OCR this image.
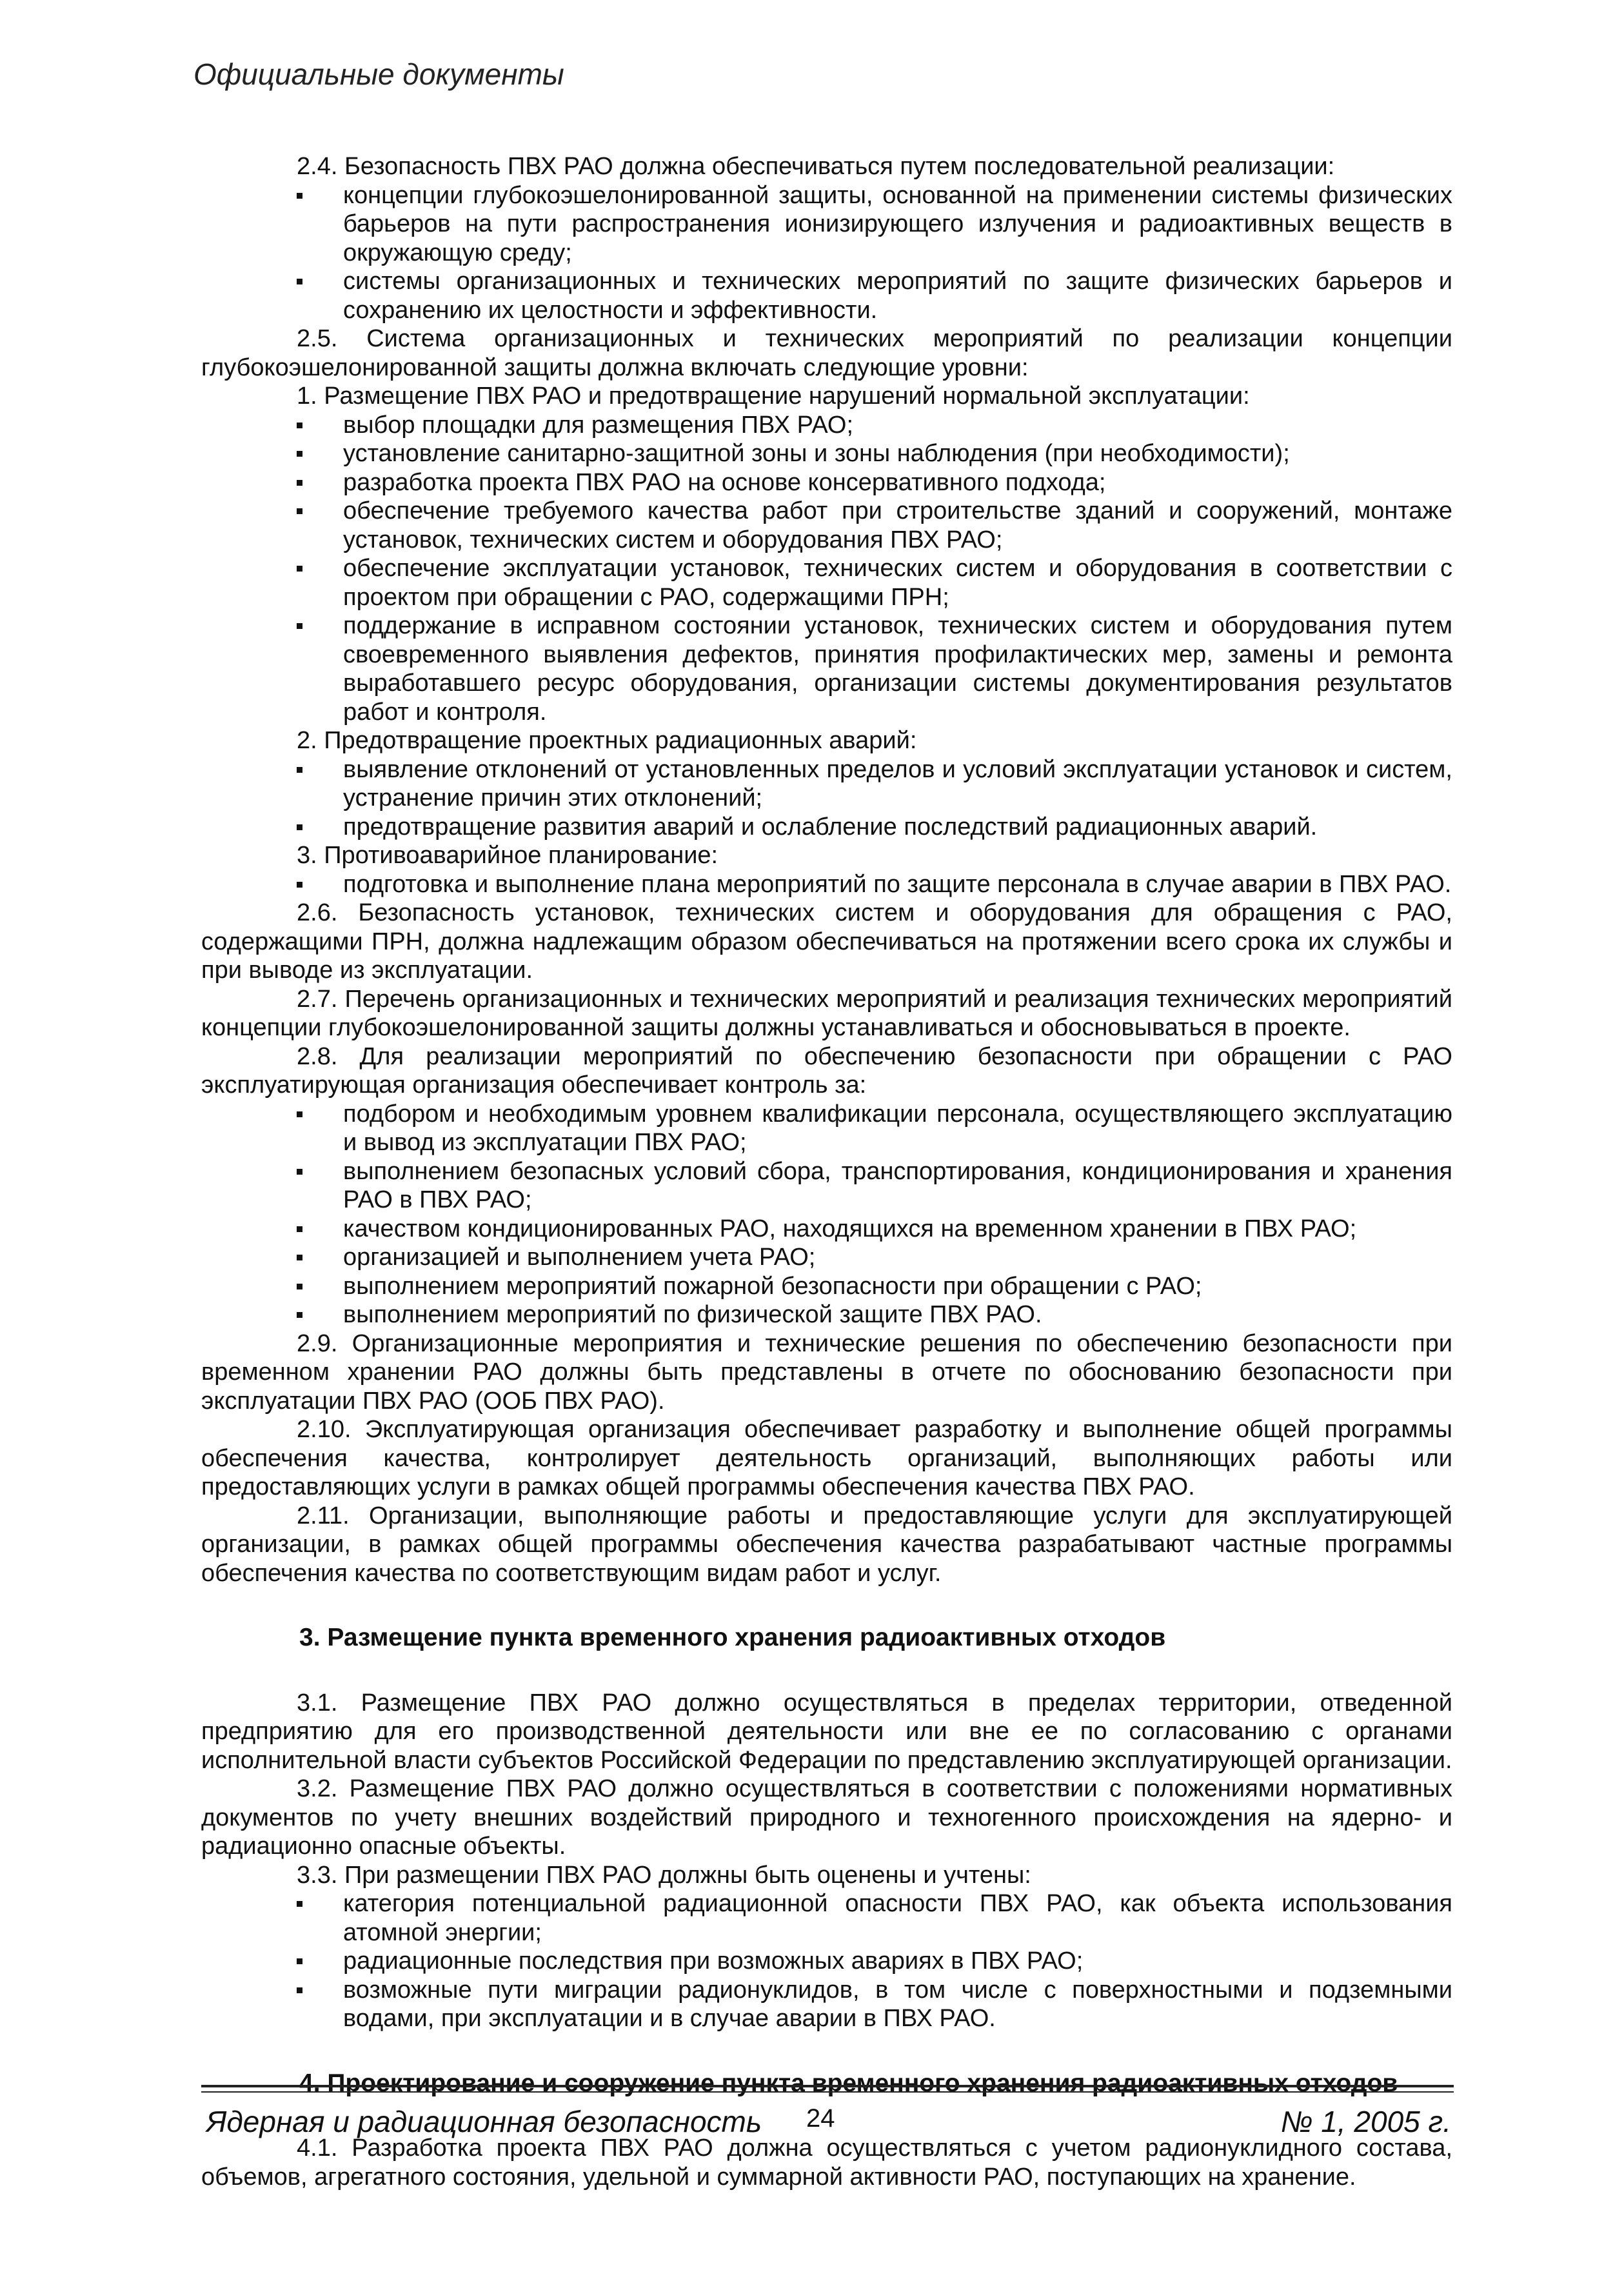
Официальные документы

2.4. Безопасность ПВХ РАО должна обеспечиваться путем последовательной реализации:

концепции глубокоэшелонированной защиты, основанной на применении системы физических барьеров на пути распространения ионизирующего излучения и радиоактивных веществ в окружающую среду;
системы организационных и технических мероприятий по защите физических барьеров и сохранению их целостности и эффективности.

2.5. Система организационных и технических мероприятий по реализации концепции глубокоэшелонированной защиты должна включать следующие уровни:

1. Размещение ПВХ РАО и предотвращение нарушений нормальной эксплуатации:

выбор площадки для размещения ПВХ РАО;
установление санитарно-защитной зоны и зоны наблюдения (при необходимости);
разработка проекта ПВХ РАО на основе консервативного подхода;
обеспечение требуемого качества работ при строительстве зданий и сооружений, монтаже установок, технических систем и оборудования ПВХ РАО;
обеспечение эксплуатации установок, технических систем и оборудования в соответствии с проектом при обращении с РАО, содержащими ПРН;
поддержание в исправном состоянии установок, технических систем и оборудования путем своевременного выявления дефектов, принятия профилактических мер, замены и ремонта выработавшего ресурс оборудования, организации системы документирования результатов работ и контроля.

2. Предотвращение проектных радиационных аварий:

выявление отклонений от установленных пределов и условий эксплуатации установок и систем, устранение причин этих отклонений;
предотвращение развития аварий и ослабление последствий радиационных аварий.

3. Противоаварийное планирование:

подготовка и выполнение плана мероприятий по защите персонала в случае аварии в ПВХ РАО.

2.6. Безопасность установок, технических систем и оборудования для обращения с РАО, содержащими ПРН, должна надлежащим образом обеспечиваться на протяжении всего срока их службы и при выводе из эксплуатации.

2.7. Перечень организационных и технических мероприятий и реализация технических мероприятий концепции глубокоэшелонированной защиты должны устанавливаться и обосновываться в проекте.

2.8. Для реализации мероприятий по обеспечению безопасности при обращении с РАО эксплуатирующая организация обеспечивает контроль за:

подбором и необходимым уровнем квалификации персонала, осуществляющего эксплуатацию и вывод из эксплуатации ПВХ РАО;
выполнением безопасных условий сбора, транспортирования, кондиционирования и хранения РАО в ПВХ РАО;
качеством кондиционированных РАО, находящихся на временном хранении в ПВХ РАО;
организацией и выполнением учета РАО;
выполнением мероприятий пожарной безопасности при обращении с РАО;
выполнением мероприятий по физической защите ПВХ РАО.

2.9. Организационные мероприятия и технические решения по обеспечению безопасности при временном хранении РАО должны быть представлены в отчете по обоснованию безопасности при эксплуатации ПВХ РАО (ООБ ПВХ РАО).

2.10. Эксплуатирующая организация обеспечивает разработку и выполнение общей программы обеспечения качества, контролирует деятельность организаций, выполняющих работы или предоставляющих услуги в рамках общей программы обеспечения качества ПВХ РАО.

2.11. Организации, выполняющие работы и предоставляющие услуги для эксплуатирующей организации, в рамках общей программы обеспечения качества разрабатывают частные программы обеспечения качества по соответствующим видам работ и услуг.

3. Размещение пункта временного хранения радиоактивных отходов

3.1. Размещение ПВХ РАО должно осуществляться в пределах территории, отведенной предприятию для его производственной деятельности или вне ее по согласованию с органами исполнительной власти субъектов Российской Федерации по представлению эксплуатирующей организации.

3.2. Размещение ПВХ РАО должно осуществляться в соответствии с положениями нормативных документов по учету внешних воздействий природного и техногенного происхождения на ядерно- и радиационно опасные объекты.

3.3. При размещении ПВХ РАО должны быть оценены и учтены:

категория потенциальной радиационной опасности ПВХ РАО, как объекта использования атомной энергии;
радиационные последствия при возможных авариях в ПВХ РАО;
возможные пути миграции радионуклидов, в том числе с поверхностными и подземными водами, при эксплуатации и в случае аварии в ПВХ РАО.
4. Проектирование и сооружение пункта временного хранения радиоактивных отходов

4.1. Разработка проекта ПВХ РАО должна осуществляться с учетом радионуклидного состава, объемов, агрегатного состояния, удельной и суммарной активности РАО, поступающих на хранение.

Ядерная и радиационная безопасность 24	№ 1, 2005 г.
